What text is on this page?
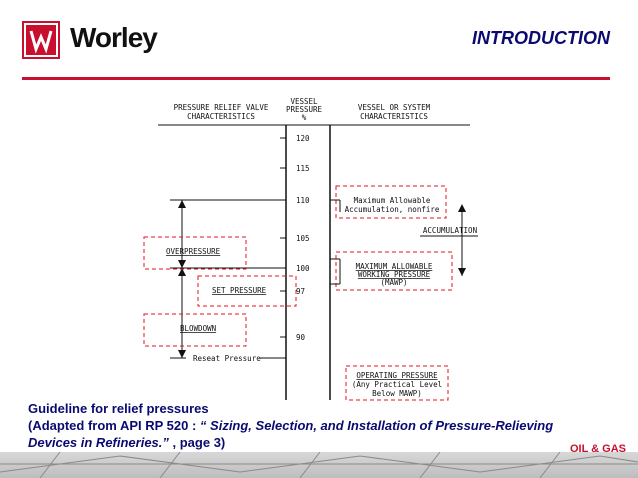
Worley	INTRODUCTION
PRESSURE RELIEF VALVE
CHARACTERISTICS
VESSEL
PRESSURE
%
VESSEL OR SYSTEM
CHARACTERISTICS
120
115
110
105
100
97
90
OVERPRESSURE
SET PRESSURE
BLOWDOWN
Reseat Pressure
Maximum Allowable
Accumulation, nonfire
ACCUMULATION
MAXIMUM ALLOWABLE
WORKING PRESSURE
(MAWP)
OPERATING PRESSURE
(Any Practical Level
Below MAWP)
Guideline for relief pressures
(Adapted from API RP 520 : “ Sizing, Selection, and Installation of Pressure-Relieving
Devices in Refineries.” , page 3)	OIL & GAS
